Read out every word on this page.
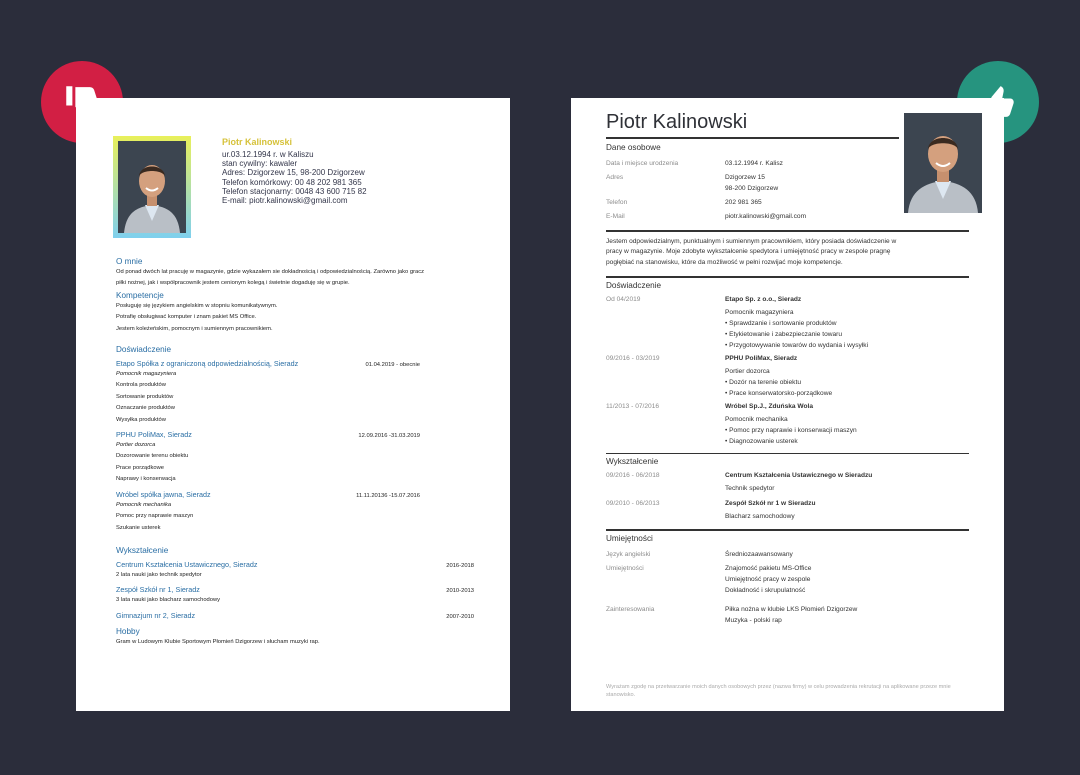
Piotr Kalinowski
ur.03.12.1994 r. w Kaliszu
stan cywilny: kawaler
Adres: Dzigorzew 15, 98-200 Dzigorzew
Telefon komórkowy: 00 48 202 981 365
Telefon stacjonarny: 0048 43 600 715 82
E-mail: piotr.kalinowski@gmail.com
O mnie
Od ponad dwóch lat pracuję w magazynie, gdzie wykazałem sie dokładnością i odpowiedzialnością. Zarówno jako gracz
piłki nożnej, jak i współpracownik jestem cenionym kolegą i świetnie dogaduję się w grupie.
Kompetencje
Posługuję się językiem angielskim w stopniu komunikatywnym.
Potrafię obsługiwać komputer i znam pakiet MS Office.
Jestem koleżeńskim, pomocnym i sumiennym pracownikiem.
Doświadczenie
Etapo Spółka z ograniczoną odpowiedzialnością, Sieradz	01.04.2019 - obecnie
Pomocnik magazyniera
Kontrola produktów
Sortowanie produktów
Oznaczanie produktów
Wysyłka produktów
PPHU PoliMax, Sieradz	12.09.2016 -31.03.2019
Portier dozorca
Dozorowanie terenu obiektu
Prace porządkowe
Naprawy i konserwacja
Wróbel spółka jawna, Sieradz	11.11.20136 -15.07.2016
Pomocnik mechanika
Pomoc przy naprawie maszyn
Szukanie usterek
Wykształcenie
Centrum Kształcenia Ustawicznego, Sieradz	2016-2018
2 lata nauki jako technik spedytor
Zespół Szkół nr 1, Sieradz	2010-2013
3 lata nauki jako blacharz samochodowy
Gimnazjum nr 2, Sieradz	2007-2010
Hobby
Gram w Ludowym Klubie Sportowym Płomień Dzigorzew i słucham muzyki rap.
Piotr Kalinowski
Dane osobowe
Data i miejsce urodzenia	03.12.1994 r. Kalisz
Adres	Dzigorzew 15
98-200 Dzigorzew
Telefon	202 981 365
E-Mail	piotr.kalinowski@gmail.com
Jestem odpowiedzialnym, punktualnym i sumiennym pracownikiem, który posiada doświadczenie w
pracy w magazynie. Moje zdobyte wykształcenie spedytora i umiejętność pracy w zespole pragnę
pogłębiać na stanowisku, które da możliwość w pełni rozwijać moje kompetencje.
Doświadczenie
Od 04/2019	Etapo Sp. z o.o., Sieradz
Pomocnik magazyniera
• Sprawdzanie i sortowanie produktów
• Etykietowanie i zabezpieczanie towaru
• Przygotowywanie towarów do wydania i wysyłki
09/2016 - 03/2019	PPHU PoliMax, Sieradz
Portier dozorca
• Dozór na terenie obiektu
• Prace konserwatorsko-porządkowe
11/2013 - 07/2016	Wróbel Sp.J., Zduńska Wola
Pomocnik mechanika
• Pomoc przy naprawie i konserwacji maszyn
• Diagnozowanie usterek
Wykształcenie
09/2016 - 06/2018	Centrum Kształcenia Ustawicznego w Sieradzu
Technik spedytor
09/2010 - 06/2013	Zespół Szkół nr 1 w Sieradzu
Blacharz samochodowy
Umiejętności
Język angielski	Średniozaawansowany
Umiejętności	Znajomość pakietu MS-Office
Umiejętność pracy w zespole
Dokładność i skrupulatność
Zainteresowania	Piłka nożna w klubie LKS Płomień Dzigorzew
Muzyka - polski rap
Wyrażam zgodę na przetwarzanie moich danych osobowych przez (nazwa firmy) w celu prowadzenia rekrutacji na aplikowane przeze mnie stanowisko.
